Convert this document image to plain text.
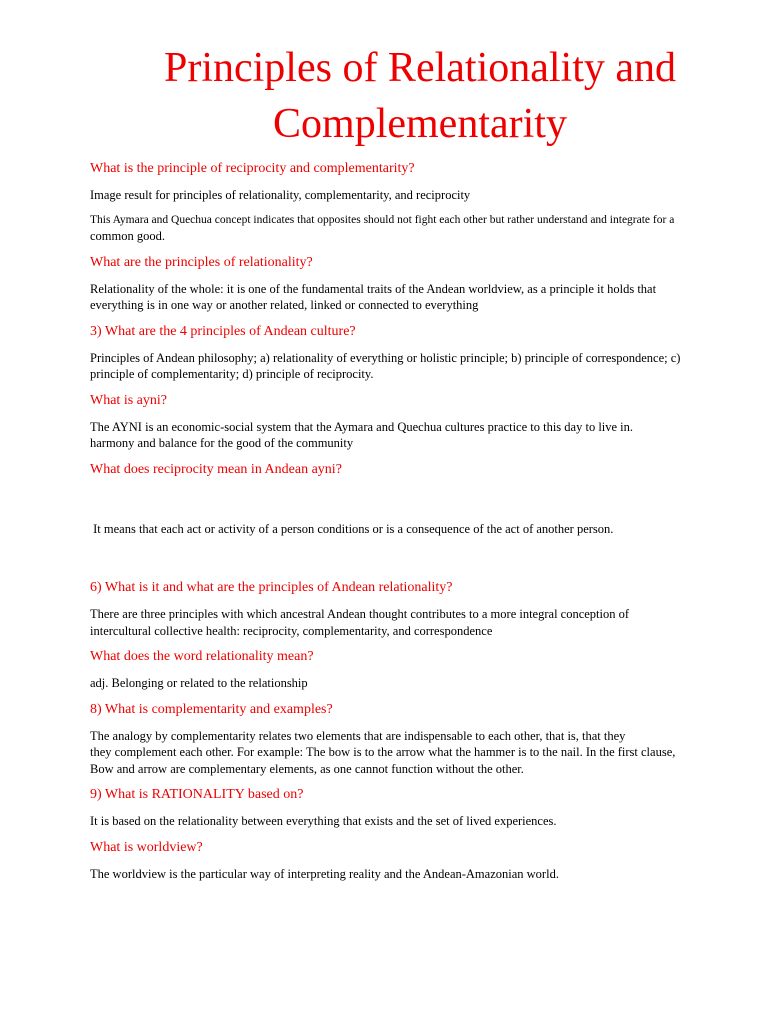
Principles of Relationality and
Complementarity

What is the principle of reciprocity and complementarity?

Image result for principles of relationality, complementarity, and reciprocity

This Aymara and Quechua concept indicates that opposites should not fight each other but rather understand and integrate for a
common good.

What are the principles of relationality?

Relationality of the whole: it is one of the fundamental traits of the Andean worldview, as a principle it holds that
everything is in one way or another related, linked or connected to everything

3) What are the 4 principles of Andean culture?

Principles of Andean philosophy; a) relationality of everything or holistic principle; b) principle of correspondence; c)
principle of complementarity; d) principle of reciprocity.

What is ayni?

The AYNI is an economic-social system that the Aymara and Quechua cultures practice to this day to live in.
harmony and balance for the good of the community

What does reciprocity mean in Andean ayni?

It means that each act or activity of a person conditions or is a consequence of the act of another person.

6) What is it and what are the principles of Andean relationality?

There are three principles with which ancestral Andean thought contributes to a more integral conception of
intercultural collective health: reciprocity, complementarity, and correspondence

What does the word relationality mean?

adj. Belonging or related to the relationship

8) What is complementarity and examples?

The analogy by complementarity relates two elements that are indispensable to each other, that is, that they
they complement each other. For example: The bow is to the arrow what the hammer is to the nail. In the first clause,
Bow and arrow are complementary elements, as one cannot function without the other.

9) What is RATIONALITY based on?

It is based on the relationality between everything that exists and the set of lived experiences.

What is worldview?

The worldview is the particular way of interpreting reality and the Andean-Amazonian world.
